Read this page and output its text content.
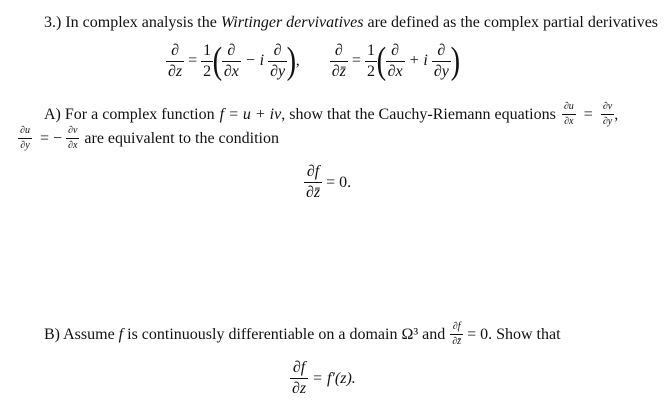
3.) In complex analysis the Wirtinger dervivatives are defined as the complex partial derivatives
$\frac{\partial}{\partial z} = \frac{1}{2}$ ( $\frac{\partial}{\partial x} - i \frac{\partial}{\partial y}$ ) , $\frac{\partial}{\partial z̄} = \frac{1}{2}$ ( $\frac{\partial}{\partial x} + i \frac{\partial}{\partial y}$ )
A) For a complex function f = u + iv , show that the Cauchy-Riemann equations $\frac{\partial u}{\partial x} = \frac{\partial v}{\partial y}$ ,
$\frac{\partial u}{\partial y}$ = − $\frac{\partial v}{\partial x}$ are equivalent to the condition
$\frac{\partial f}{\partial z̄} = 0$.
B) Assume f is continuously differentiable on a domain Ω³ and $\frac{\partial f}{\partial z̄} = 0$. Show that
$\frac{\partial f}{\partial z} = f'(z)$.
